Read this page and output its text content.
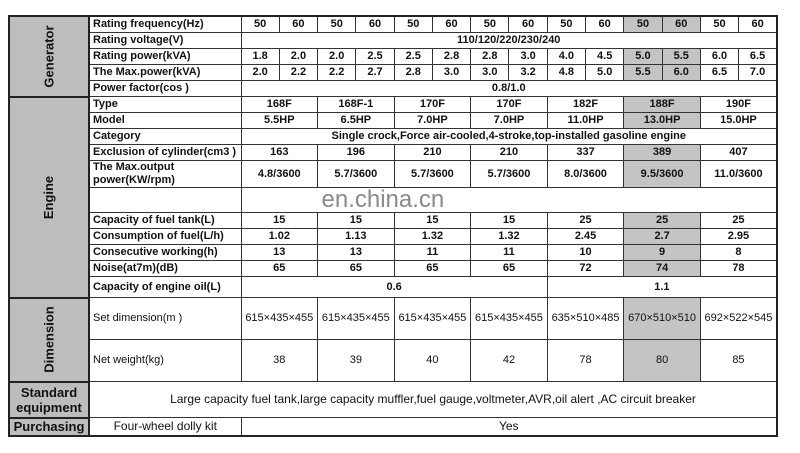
Generator	Rating frequency(Hz)	50	60	50	60	50	60	50	60	50	60	50	60	50	60
	Rating voltage(V)	110/120/220/230/240													
	Rating power(kVA)	1.8	2.0	2.0	2.5	2.5	2.8	2.8	3.0	4.0	4.5	5.0	5.5	6.0	6.5
	The Max.power(kVA)	2.0	2.2	2.2	2.7	2.8	3.0	3.0	3.2	4.8	5.0	5.5	6.0	6.5	7.0
	Power factor(cos )	0.8/1.0													
Engine	Type	168F		168F-1		170F		170F		182F		188F		190F	
	Model	5.5HP		6.5HP		7.0HP		7.0HP		11.0HP		13.0HP		15.0HP	
	Category	Single crock,Force air-cooled,4-stroke,top-installed gasoline engine													
	Exclusion of cylinder(cm3 )	163		196		210		210		337		389		407	
	The Max.output power(KW/rpm)	4.8/3600		5.7/3600		5.7/3600		5.7/3600		8.0/3600		9.5/3600		11.0/3600	
		en.china.cn													
	Capacity of fuel tank(L)	15		15		15		15		25		25		25	
	Consumption of fuel(L/h)	1.02		1.13		1.32		1.32		2.45		2.7		2.95	
	Consecutive working(h)	13		13		11		11		10		9		8	
	Noise(at7m)(dB)	65		65		65		65		72		74		78	
	Capacity of engine oil(L)	0.6								1.1					
Dimension	Set dimension(m )	615×435×455		615×435×455		615×435×455		615×435×455		635×510×485		670×510×510		692×522×545	
	Net weight(kg)	38		39		40		42		78		80		85	
Standard equipment	Large capacity fuel tank,large capacity muffler,fuel gauge,voltmeter,AVR,oil alert ,AC circuit breaker														
Purchasing	Four-wheel dolly kit	Yes													
